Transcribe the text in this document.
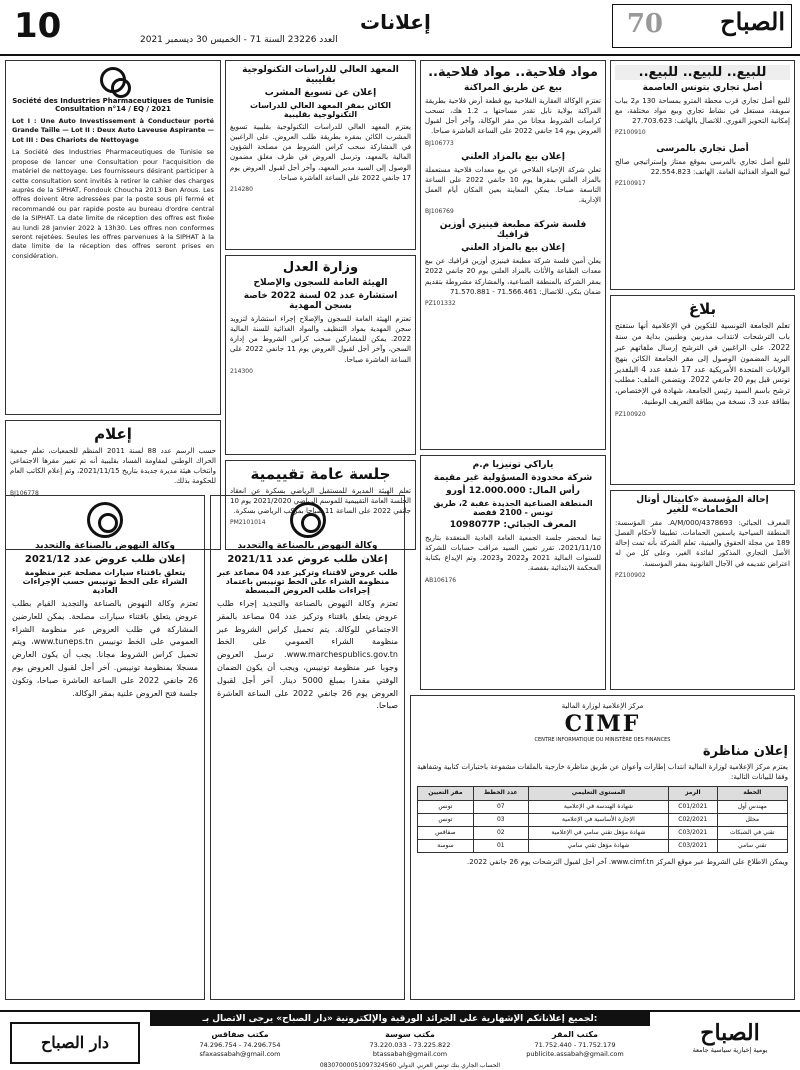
10	العدد 23226 السنة 71 - الخميس 30 ديسمبر 2021
إعلانات	70 الصباح
للبيع.. للبيع.. للبيع..
أصل تجاري بتونس العاصمة
للبيع أصل تجاري قرب محطة المترو بمساحة 130 م2 بباب سويقة، مستغل في نشاط تجاري وبيع مواد مختلفة، مع إمكانية التحويز الفوري. للاتصال بالهاتف: 27.703.623
PZ100910
أصل تجاري بالمرسى
للبيع أصل تجاري بالمرسى بموقع ممتاز وإستراتيجي صالح لبيع المواد الغذائية العامة. الهاتف: 22.554.823
PZ100917
بلاغ
تعلم الجامعة التونسية للتكوين في الإعلامية أنها ستفتح باب الترشحات لانتداب مدربين وطنيين بداية من سنة 2022. على الراغبين في الترشح إرسال ملفاتهم عبر البريد المضمون الوصول إلى مقر الجامعة الكائن بنهج الولايات المتحدة الأمريكية عدد 17 شقة عدد 4 البلفدير تونس قبل يوم 20 جانفي 2022. ويتضمن الملف: مطلب ترشح باسم السيد رئيس الجامعة، شهادة في الإختصاص، بطاقة عدد 3، نسخة من بطاقة التعريف الوطنية.
PZ100920
إحالة المؤسسة «كابيتال أوتال الحمامات» للغير
المعرف الجبائي: 4378693/A/M/000. مقر المؤسسة: المنطقة السياحية ياسمين الحمامات. تطبيقا لأحكام الفصل 189 من مجلة الحقوق والعينية، تعلم الشركة بأنه تمت إحالة الأصل التجاري المذكور لفائدة الغير، وعلى كل من له اعتراض تقديمه في الآجال القانونية بمقر المؤسسة.
PZ100902
مواد فلاحية.. مواد فلاحية..
بيع عن طريق المراكنة
تعتزم الوكالة العقارية الفلاحية بيع قطعة أرض فلاحية بطريقة المراكنة بولاية نابل تقدر مساحتها بـ 1.2 هك، تسحب كراسات الشروط مجانا من مقر الوكالة، وآخر أجل لقبول العروض يوم 14 جانفي 2022 على الساعة العاشرة صباحا.
BJ106773
إعلان بيع بالمزاد العلني
تعلن شركة الإحياء الفلاحي عن بيع معدات فلاحية مستعملة بالمزاد العلني بمقرها يوم 10 جانفي 2022 على الساعة التاسعة صباحا. يمكن المعاينة بعين المكان أيام العمل الإدارية.
BJ106769
فلسة شركة مطبعة فينيزي أوزين قرافيك
إعلان بيع بالمزاد العلني
يعلن أمين فلسة شركة مطبعة فينيزي أوزين قرافيك عن بيع معدات الطباعة والأثاث بالمزاد العلني يوم 20 جانفي 2022 بمقر الشركة بالمنطقة الصناعية، والمشاركة مشروطة بتقديم ضمان بنكي. للاتصال: 71.566.461 - 71.570.881
PZ101332
ياراكي تونيزيا م.م
شركة محدودة المسؤولية غير مقيمة
رأس المال: 12.000.000 أورو
المنطقة الصناعية الجديدة عقبة 2، طريق تونس - 2100 قفصة
المعرف الجبائي: 1098077P
تبعا لمحضر جلسة الجمعية العامة العادية المنعقدة بتاريخ 2021/11/10، تقرر تعيين السيد مراقب حسابات للشركة للسنوات المالية 2021 و2022 و2023، وتم الإيداع بكتابة المحكمة الابتدائية بقفصة.
AB106176
المعهد العالي للدراسات التكنولوجية بقليبية
إعلان عن تسويغ المشرب
الكائن بمقر المعهد العالي للدراسات التكنولوجية بقليبية
يعتزم المعهد العالي للدراسات التكنولوجية بقليبية تسويغ المشرب الكائن بمقره بطريقة طلب العروض. على الراغبين في المشاركة سحب كراس الشروط من مصلحة الشؤون المالية بالمعهد، وترسل العروض في ظرف مغلق مضمون الوصول إلى السيد مدير المعهد، وآخر أجل لقبول العروض يوم 17 جانفي 2022 على الساعة العاشرة صباحا.
214280
وزارة العدل
الهيئة العامة للسجون والإصلاح
استشارة عدد 02 لسنة 2022 خاصة بسجن المهدية
تعتزم الهيئة العامة للسجون والإصلاح إجراء استشارة لتزويد سجن المهدية بمواد التنظيف والمواد الغذائية للسنة المالية 2022. يمكن للمشاركين سحب كراس الشروط من إدارة السجن، وآخر أجل لقبول العروض يوم 11 جانفي 2022 على الساعة العاشرة صباحا.
214300
جلسة عامة تقييمية
تعلم الهيئة المديرة للمستقبل الرياضي بسكرة عن انعقاد الجلسة العامة التقييمية للموسم الرياضي 2021/2020 يوم 10 جانفي 2022 على الساعة 11 صباحا بمركب الرياضي بسكرة.
PM2101014
Société des Industries Pharmaceutiques de Tunisie
Consultation n°14 / EQ / 2021
Lot I : Une Auto Investissement à Conducteur porté Grande Taille — Lot II : Deux Auto Laveuse Aspirante — Lot III : Des Chariots de Nettoyage
La Société des Industries Pharmaceutiques de Tunisie se propose de lancer une Consultation pour l'acquisition de matériel de nettoyage. Les fournisseurs désirant participer à cette consultation sont invités à retirer le cahier des charges auprès de la SIPHAT, Fondouk Choucha 2013 Ben Arous. Les offres doivent être adressées par la poste sous pli fermé et recommandé ou par rapide poste au bureau d'ordre central de la SIPHAT. La date limite de réception des offres est fixée au lundi 28 Janvier 2022 à 13h30. Les offres non conformes seront rejetées. Seules les offres parvenues à la SIPHAT à la date limite de la réception des offres seront prises en considération.
إعلام
حسب الرسم عدد 88 لسنة 2011 المنظم للجمعيات، تعلم جمعية الحراك الوطني لمقاومة الفساد بقليبية أنه تم تغيير مقرها الاجتماعي وانتخاب هيئة مديرة جديدة بتاريخ 2021/11/15، وتم إعلام الكاتب العام للحكومة بذلك.
BJ106778
وكالة النهوض بالصناعة والتجديد
إعلان طلب عروض عدد 2021/12
يتعلق باقتناء سيارات مصلحة عبر منظومة الشراء على الخط تونيبس حسب الإجراءات العادية
تعتزم وكالة النهوض بالصناعة والتجديد القيام بطلب عروض يتعلق باقتناء سيارات مصلحة. يمكن للعارضين المشاركة في طلب العروض عبر منظومة الشراء العمومي على الخط تونيبس www.tuneps.tn، ويتم تحميل كراس الشروط مجانا. يجب أن يكون العارض مسجلا بمنظومة تونيبس. آخر أجل لقبول العروض يوم 26 جانفي 2022 على الساعة العاشرة صباحا، وتكون جلسة فتح العروض علنية بمقر الوكالة.
وكالة النهوض بالصناعة والتجديد
إعلان طلب عروض عدد 2021/11
طلب عروض لاقتناء وتركيز عدد 04 مصاعد عبر منظومة الشراء على الخط تونيبس باعتماد إجراءات طلب العروض المبسطة
تعتزم وكالة النهوض بالصناعة والتجديد إجراء طلب عروض يتعلق باقتناء وتركيز عدد 04 مصاعد بالمقر الاجتماعي للوكالة. يتم تحميل كراس الشروط عبر منظومة الشراء العمومي على الخط www.marchespublics.gov.tn. ترسل العروض وجوبا عبر منظومة تونيبس، ويجب أن يكون الضمان الوقتي مقدرا بمبلغ 5000 دينار. آخر أجل لقبول العروض يوم 26 جانفي 2022 على الساعة العاشرة صباحا.	مركز الإعلامية لوزارة المالية
CIMF
CENTRE INFORMATIQUE DU MINISTÈRE DES FINANCES
إعلان مناظرة
يعتزم مركز الإعلامية لوزارة المالية انتداب إطارات وأعوان عن طريق مناظرة خارجية بالملفات مشفوعة باختبارات كتابية وشفاهية وفقا للبيانات التالية:
الخطة	الرمز	المستوى التعليمي	عدد الخطط	مقر التعيين
مهندس أول	C01/2021	شهادة الهندسة في الإعلامية	07	تونس
محلل	C02/2021	الإجازة الأساسية في الإعلامية	03	تونس
تقني في الشبكات	C03/2021	شهادة مؤهل تقني سامي في الإعلامية	02	صفاقس
تقني سامي	C03/2021	شهادة مؤهل تقني سامي	01	سوسة
ويمكن الاطلاع على الشروط عبر موقع المركز www.cimf.tn. آخر أجل لقبول الترشحات يوم 26 جانفي 2022.
لجميع إعلاناتكم الإشهارية على الجرائد الورقية والإلكترونية «دار الصباح» يرجى الاتصال بـ:
الصباح
يومية إخبارية سياسية جامعة
مكتب المقر
71.752.179 - 71.752.440
publicite.assabah@gmail.com
مكتب سوسة
73.225.822 - 73.220.033
btassabah@gmail.com
مكتب صفاقس
74.296.754 - 74.296.754
sfaxassabah@gmail.com
الحساب الجاري بنك تونس العربي الدولي 08307000051097324560
دار الصباح
